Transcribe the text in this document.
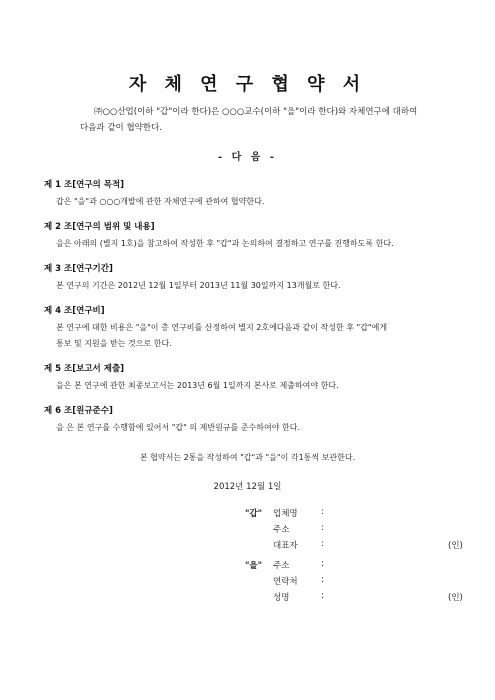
자 체 연 구 협 약 서

㈜○○산업(이하 "갑"이라 한다)은 ○○○교수(이하 "을"이라 한다)와 자체연구에 대하여

다음과 같이 협약한다.

- 다 음 -
제 1 조[연구의 목적]
갑은 "을"과 ○○○개발에 관한 자체연구에 관하여 협약한다.
제 2 조[연구의 범위 및 내용]
을은 아래의 (별지 1호)을 참고하여 작성한 후 "갑"과 논의하여 결정하고 연구를 진행하도록 한다.
제 3 조[연구기간]
본 연구의 기간은 2012년 12월 1일부터 2013년 11월 30일까지 13개월로 한다.
제 4 조[연구비]
본 연구에 대한 비용은 "을"이 총 연구비를 산정하여 별지 2호에다음과 같이 작성한 후 "갑"에게
통보 및 지원을 받는 것으로 한다.
제 5 조[보고서 제출]
을은 본 연구에 관한 최종보고서는 2013년 6월 1일까지 본사로 제출하여야 한다.
제 6 조[원규준수]
을 은 본 연구를 수행함에 있어서 "갑" 의 제반원규를 준수하여야 한다.
본 협약서는 2통을 작성하여 "갑"과 "을"이 각1통씩 보관한다.
2012년 12월 1일
"갑" 업체명	:
주소	:
대표자	:	(인)
"을" 주소	:
연락처	:
성명	:	(인)
